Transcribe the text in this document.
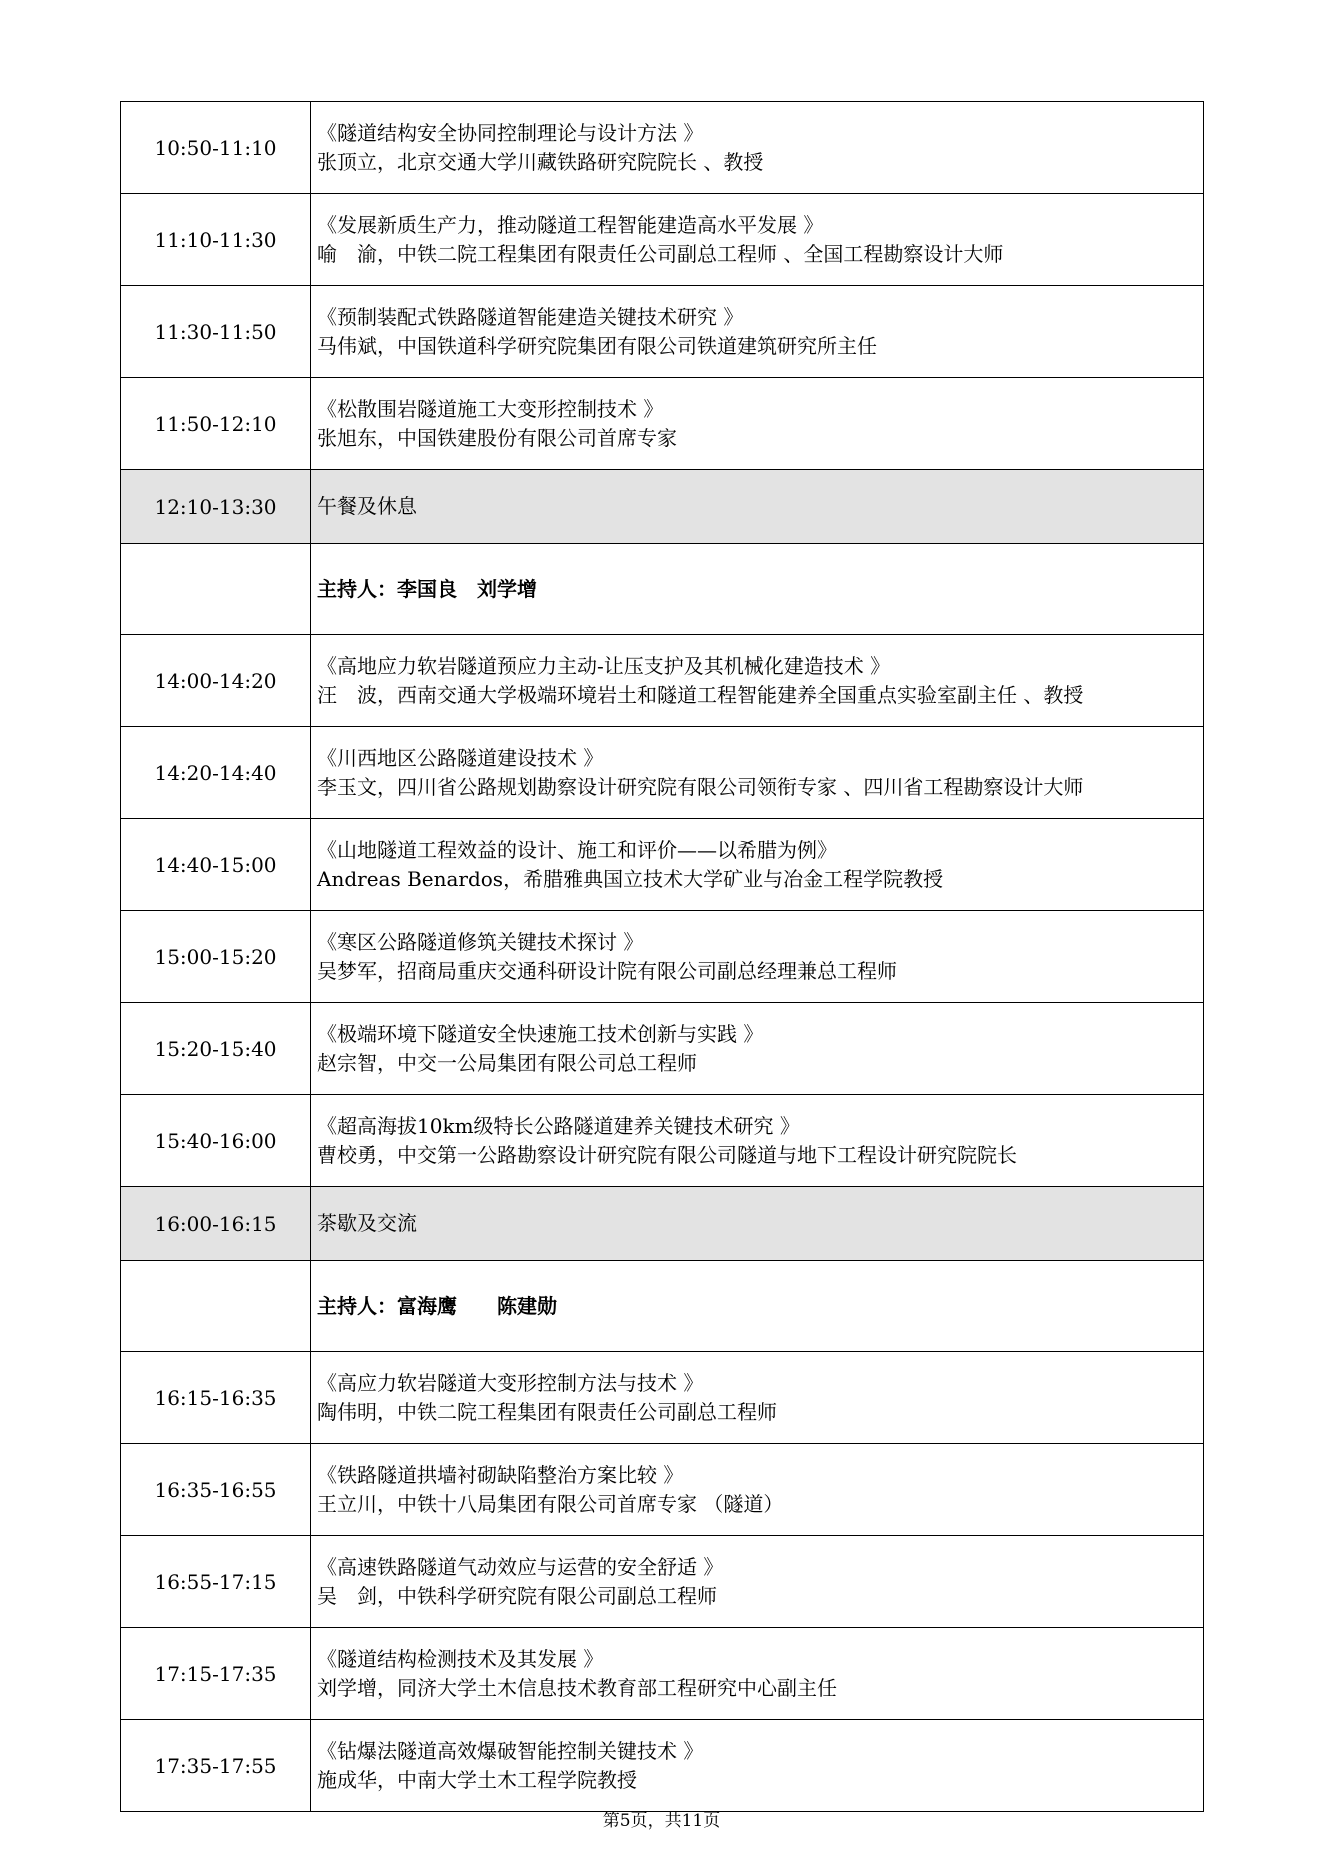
10:50-11:10	《隧道结构安全协同控制理论与设计方法 》
张顶立，北京交通大学川藏铁路研究院院长 、教授

11:10-11:30	《发展新质生产力，推动隧道工程智能建造高水平发展 》
喻　渝，中铁二院工程集团有限责任公司副总工程师 、全国工程勘察设计大师

11:30-11:50	《预制装配式铁路隧道智能建造关键技术研究 》
马伟斌，中国铁道科学研究院集团有限公司铁道建筑研究所主任

11:50-12:10	《松散围岩隧道施工大变形控制技术 》
张旭东，中国铁建股份有限公司首席专家

12:10-13:30	午餐及休息
	主持人：李国良　刘学增
14:00-14:20	《高地应力软岩隧道预应力主动-让压支护及其机械化建造技术 》
汪　波，西南交通大学极端环境岩土和隧道工程智能建养全国重点实验室副主任 、教授

14:20-14:40	《川西地区公路隧道建设技术 》
李玉文，四川省公路规划勘察设计研究院有限公司领衔专家 、四川省工程勘察设计大师

14:40-15:00	《山地隧道工程效益的设计、施工和评价——以希腊为例》
Andreas Benardos，希腊雅典国立技术大学矿业与冶金工程学院教授

15:00-15:20	《寒区公路隧道修筑关键技术探讨 》
吴梦军，招商局重庆交通科研设计院有限公司副总经理兼总工程师

15:20-15:40	《极端环境下隧道安全快速施工技术创新与实践 》
赵宗智，中交一公局集团有限公司总工程师

15:40-16:00	《超高海拔10km级特长公路隧道建养关键技术研究 》
曹校勇，中交第一公路勘察设计研究院有限公司隧道与地下工程设计研究院院长

16:00-16:15	茶歇及交流
	主持人：富海鹰　　陈建勋
16:15-16:35	《高应力软岩隧道大变形控制方法与技术 》
陶伟明，中铁二院工程集团有限责任公司副总工程师

16:35-16:55	《铁路隧道拱墙衬砌缺陷整治方案比较 》
王立川，中铁十八局集团有限公司首席专家 （隧道）

16:55-17:15	《高速铁路隧道气动效应与运营的安全舒适 》
吴　剑，中铁科学研究院有限公司副总工程师

17:15-17:35	《隧道结构检测技术及其发展 》
刘学增，同济大学土木信息技术教育部工程研究中心副主任

17:35-17:55	《钻爆法隧道高效爆破智能控制关键技术 》
施成华，中南大学土木工程学院教授
第5页，共11页
